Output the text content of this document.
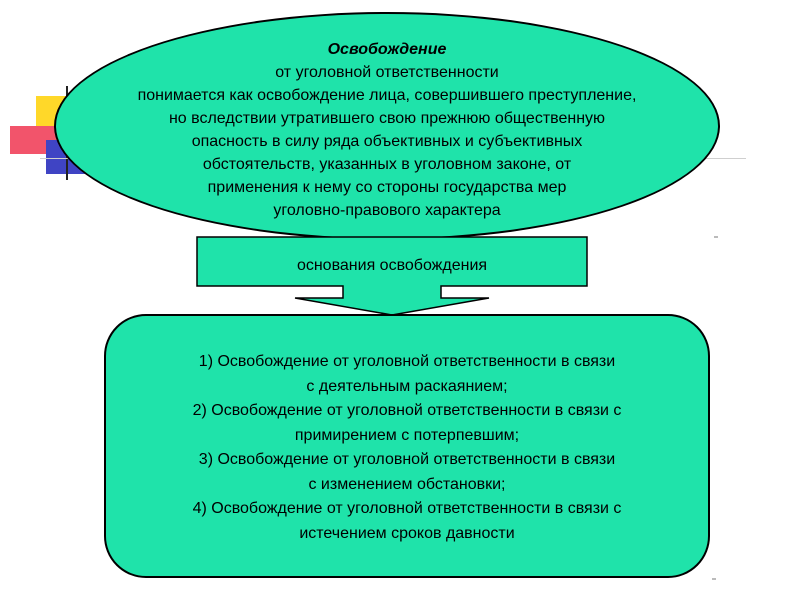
Освобождение
от уголовной ответственности
понимается как освобождение лица, совершившего преступление,
но вследствии утратившего свою прежнюю общественную
опасность в силу ряда объективных и субъективных
обстоятельств, указанных в уголовном законе, от
применения к нему со стороны государства мер
уголовно-правового характера
основания освобождения
1) Освобождение от уголовной ответственности в связи
с деятельным раскаянием;
2) Освобождение от уголовной ответственности в связи с
примирением с потерпевшим;
3) Освобождение от уголовной ответственности в связи
с изменением обстановки;
4) Освобождение от уголовной ответственности в связи с
истечением сроков давности
